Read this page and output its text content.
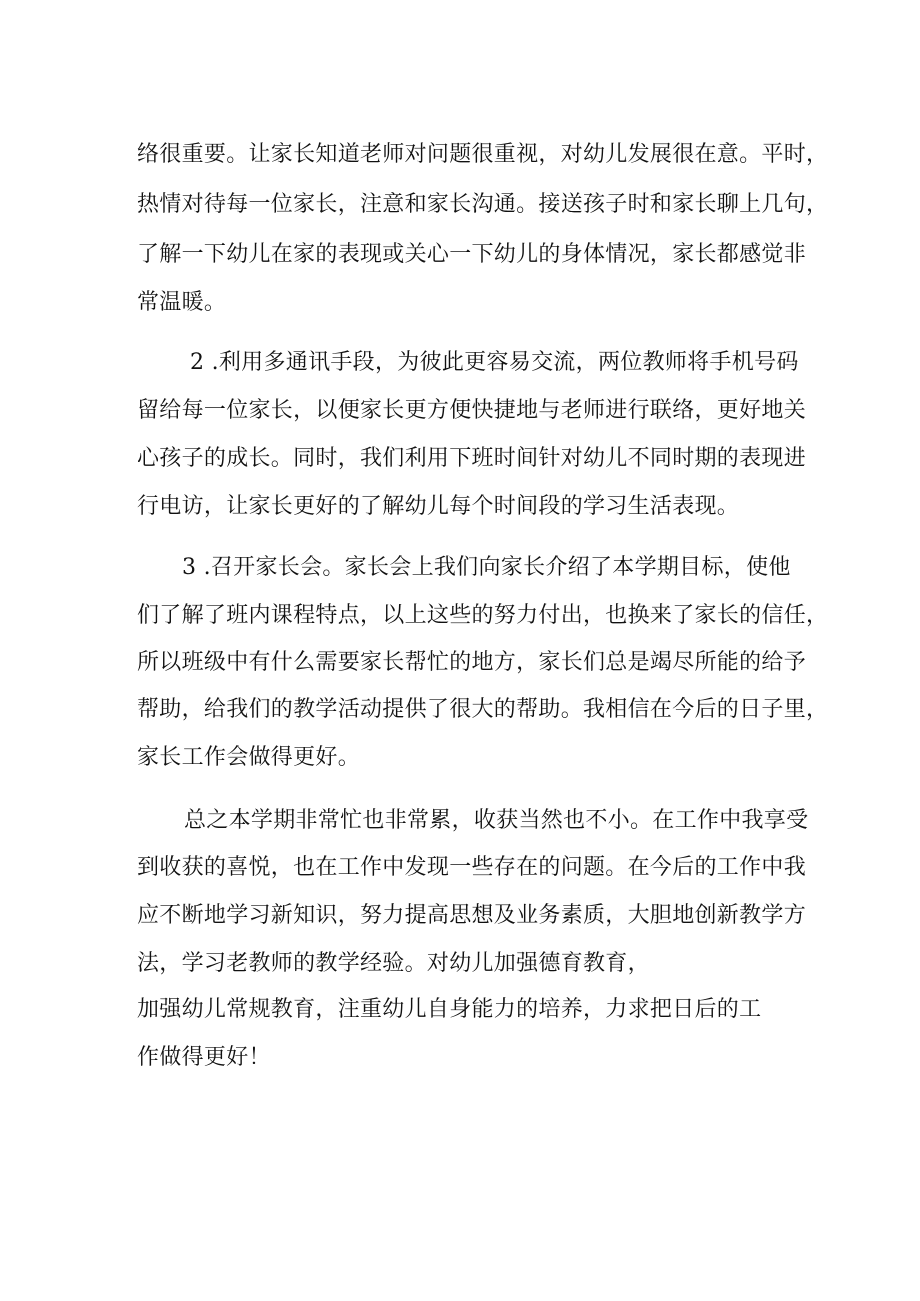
络很重要。让家长知道老师对问题很重视，对幼儿发展很在意。平时，
热情对待每一位家长，注意和家长沟通。接送孩子时和家长聊上几句，
了解一下幼儿在家的表现或关心一下幼儿的身体情况，家长都感觉非
常温暖。
2 .利用多通讯手段，为彼此更容易交流，两位教师将手机号码
留给每一位家长，以便家长更方便快捷地与老师进行联络，更好地关
心孩子的成长。同时，我们利用下班时间针对幼儿不同时期的表现进
行电访，让家长更好的了解幼儿每个时间段的学习生活表现。
3 .召开家长会。家长会上我们向家长介绍了本学期目标，使他
们了解了班内课程特点，以上这些的努力付出，也换来了家长的信任，
所以班级中有什么需要家长帮忙的地方，家长们总是竭尽所能的给予
帮助，给我们的教学活动提供了很大的帮助。我相信在今后的日子里，
家长工作会做得更好。
总之本学期非常忙也非常累，收获当然也不小。在工作中我享受
到收获的喜悦，也在工作中发现一些存在的问题。在今后的工作中我
应不断地学习新知识，努力提高思想及业务素质，大胆地创新教学方
法，学习老教师的教学经验。对幼儿加强德育教育，
加强幼儿常规教育，注重幼儿自身能力的培养，力求把日后的工
作做得更好！
